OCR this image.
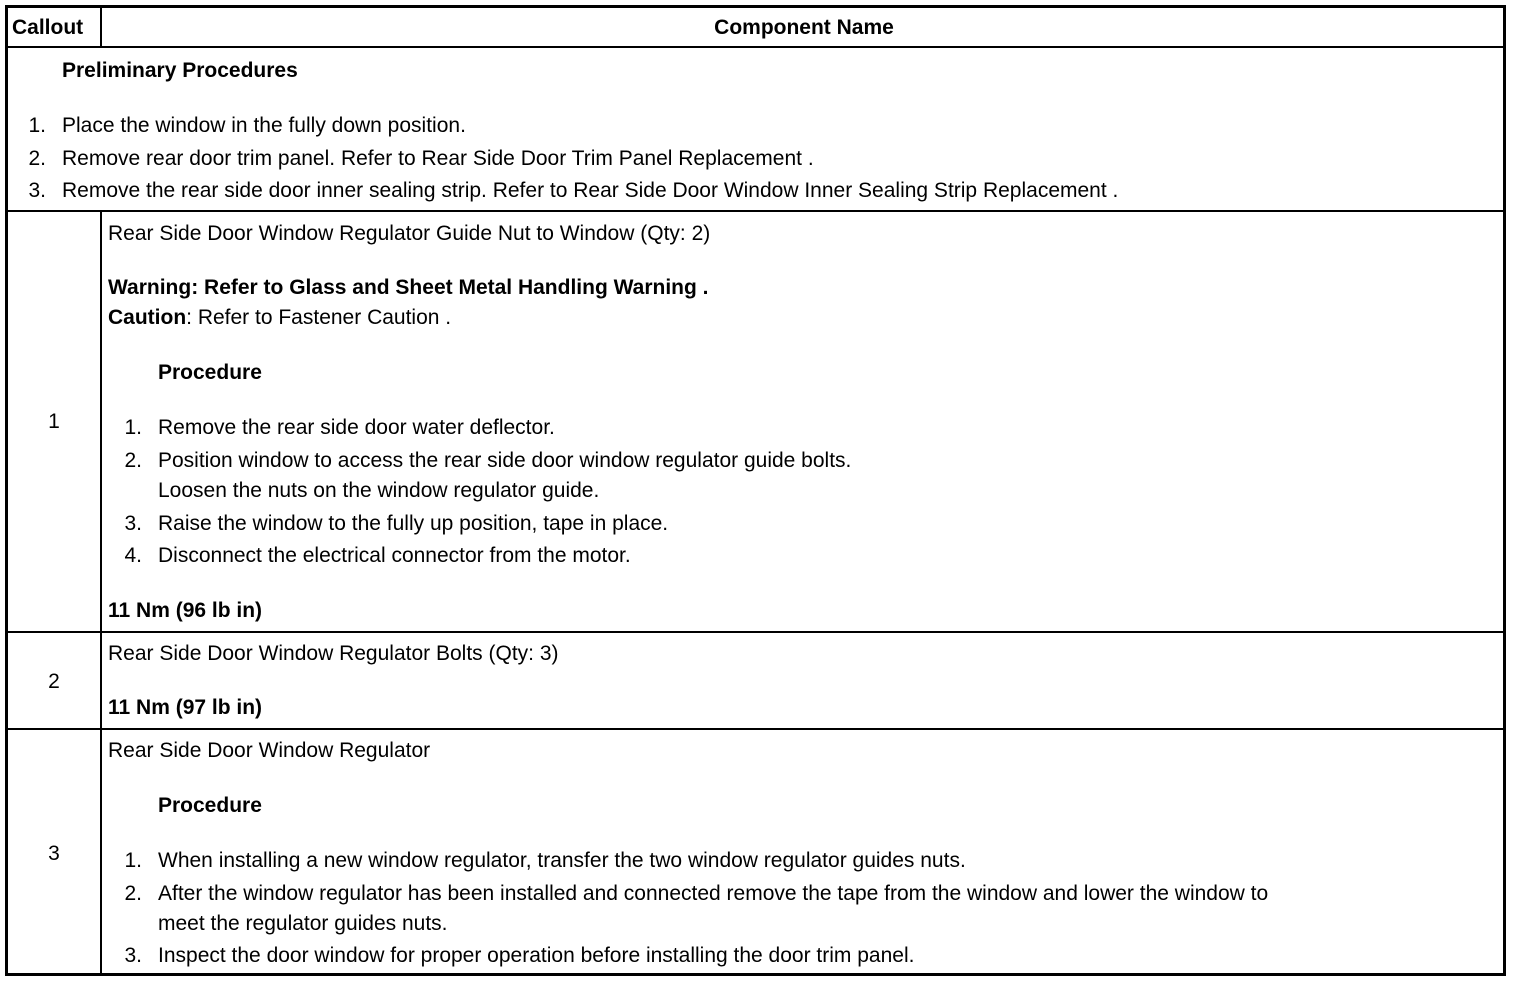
Callout	Component Name
Preliminary Procedures
1. Place the window in the fully down position.
2. Remove rear door trim panel. Refer to Rear Side Door Trim Panel Replacement .
3. Remove the rear side door inner sealing strip. Refer to Rear Side Door Window Inner Sealing Strip Replacement .
1
Rear Side Door Window Regulator Guide Nut to Window (Qty: 2)
Warning: Refer to Glass and Sheet Metal Handling Warning .
Caution: Refer to Fastener Caution .
Procedure
1. Remove the rear side door water deflector.
2. Position window to access the rear side door window regulator guide bolts.
Loosen the nuts on the window regulator guide.
3. Raise the window to the fully up position, tape in place.
4. Disconnect the electrical connector from the motor.
11 Nm (96 lb in)
2
Rear Side Door Window Regulator Bolts (Qty: 3)
11 Nm (97 lb in)
3
Rear Side Door Window Regulator
Procedure
1. When installing a new window regulator, transfer the two window regulator guides nuts.
2. After the window regulator has been installed and connected remove the tape from the window and lower the window to
meet the regulator guides nuts.
3. Inspect the door window for proper operation before installing the door trim panel.
